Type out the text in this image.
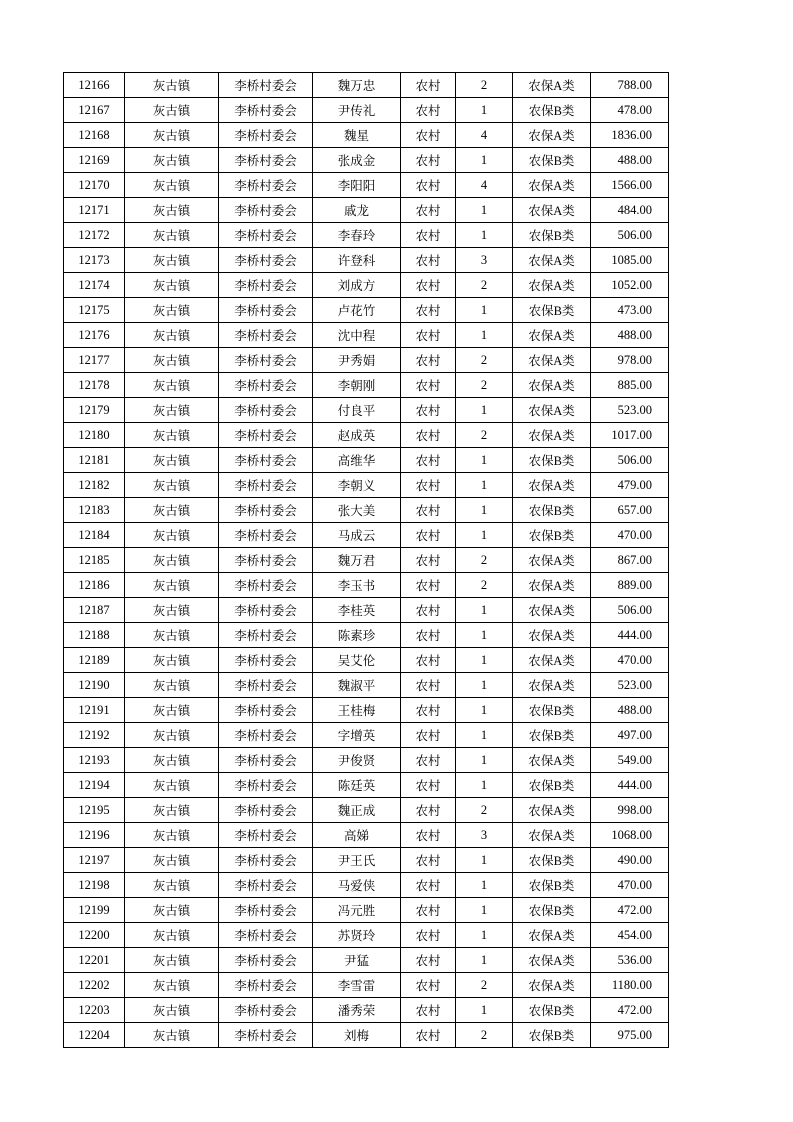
12166	灰古镇	李桥村委会	魏万忠	农村	2	农保A类	788.00
12167	灰古镇	李桥村委会	尹传礼	农村	1	农保B类	478.00
12168	灰古镇	李桥村委会	魏星	农村	4	农保A类	1836.00
12169	灰古镇	李桥村委会	张成金	农村	1	农保B类	488.00
12170	灰古镇	李桥村委会	李阳阳	农村	4	农保A类	1566.00
12171	灰古镇	李桥村委会	戚龙	农村	1	农保A类	484.00
12172	灰古镇	李桥村委会	李春玲	农村	1	农保B类	506.00
12173	灰古镇	李桥村委会	许登科	农村	3	农保A类	1085.00
12174	灰古镇	李桥村委会	刘成方	农村	2	农保A类	1052.00
12175	灰古镇	李桥村委会	卢花竹	农村	1	农保B类	473.00
12176	灰古镇	李桥村委会	沈中程	农村	1	农保A类	488.00
12177	灰古镇	李桥村委会	尹秀娟	农村	2	农保A类	978.00
12178	灰古镇	李桥村委会	李朝刚	农村	2	农保A类	885.00
12179	灰古镇	李桥村委会	付良平	农村	1	农保A类	523.00
12180	灰古镇	李桥村委会	赵成英	农村	2	农保A类	1017.00
12181	灰古镇	李桥村委会	高维华	农村	1	农保B类	506.00
12182	灰古镇	李桥村委会	李朝义	农村	1	农保A类	479.00
12183	灰古镇	李桥村委会	张大美	农村	1	农保B类	657.00
12184	灰古镇	李桥村委会	马成云	农村	1	农保B类	470.00
12185	灰古镇	李桥村委会	魏万君	农村	2	农保A类	867.00
12186	灰古镇	李桥村委会	李玉书	农村	2	农保A类	889.00
12187	灰古镇	李桥村委会	李桂英	农村	1	农保A类	506.00
12188	灰古镇	李桥村委会	陈素珍	农村	1	农保A类	444.00
12189	灰古镇	李桥村委会	吴艾伦	农村	1	农保A类	470.00
12190	灰古镇	李桥村委会	魏淑平	农村	1	农保A类	523.00
12191	灰古镇	李桥村委会	王桂梅	农村	1	农保B类	488.00
12192	灰古镇	李桥村委会	字增英	农村	1	农保B类	497.00
12193	灰古镇	李桥村委会	尹俊贤	农村	1	农保A类	549.00
12194	灰古镇	李桥村委会	陈廷英	农村	1	农保B类	444.00
12195	灰古镇	李桥村委会	魏正成	农村	2	农保A类	998.00
12196	灰古镇	李桥村委会	高娣	农村	3	农保A类	1068.00
12197	灰古镇	李桥村委会	尹王氏	农村	1	农保B类	490.00
12198	灰古镇	李桥村委会	马爱侠	农村	1	农保B类	470.00
12199	灰古镇	李桥村委会	冯元胜	农村	1	农保B类	472.00
12200	灰古镇	李桥村委会	苏贤玲	农村	1	农保A类	454.00
12201	灰古镇	李桥村委会	尹猛	农村	1	农保A类	536.00
12202	灰古镇	李桥村委会	李雪雷	农村	2	农保A类	1180.00
12203	灰古镇	李桥村委会	潘秀荣	农村	1	农保B类	472.00
12204	灰古镇	李桥村委会	刘梅	农村	2	农保B类	975.00
